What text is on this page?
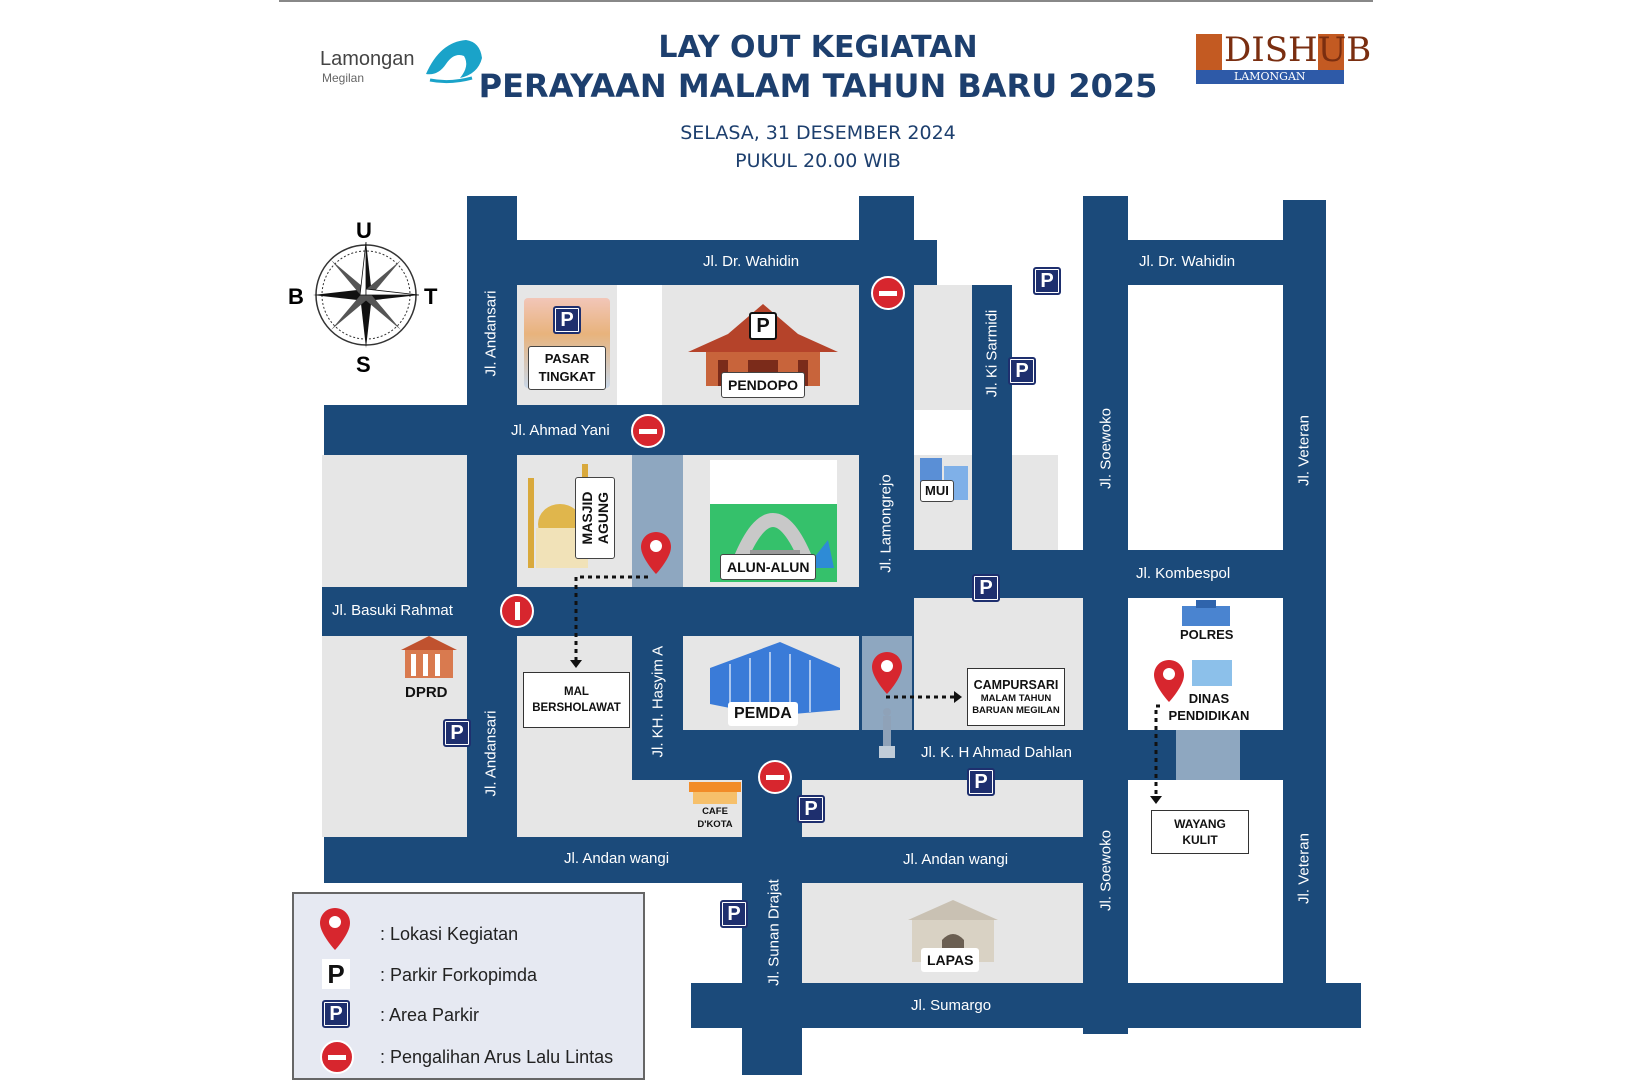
Lamongan
Megilan
LAY OUT KEGIATAN
PERAYAAN MALAM TAHUN BARU 2025
SELASA, 31 DESEMBER 2024
PUKUL 20.00 WIB
DISHUB
LAMONGAN
U
S
B	T
Jl. Dr. Wahidin	Jl. Dr. Wahidin
Jl. Ahmad Yani
Jl. Basuki Rahmat
Jl. Kombespol
Jl. K. H Ahmad Dahlan
Jl. Andan wangi	Jl. Andan wangi
Jl. Sumargo
Jl. Andansari
Jl. Andansari
Jl. Ki Sarmidi
Jl. Lamongrejo
Jl. KH. Hasyim A
Jl. Sunan Drajat
Jl. Soewoko
Jl. Soewoko
Jl. Veteran
Jl. Veteran
P
PASAR
TINGKAT
P
PENDOPO
MASJID
AGUNG
ALUN-ALUN
MUI
DPRD	MAL
BERSHOLAWAT	PEMDA
CAMPURSARI
MALAM TAHUN
BARUAN MEGILAN
POLRES
DINAS
PENDIDIKAN
WAYANG
KULIT
CAFE
D'KOTA
LAPAS
P
P
P
P
P
P
P
: Lokasi Kegiatan
P : Parkir Forkopimda
P : Area Parkir
: Pengalihan Arus Lalu Lintas
